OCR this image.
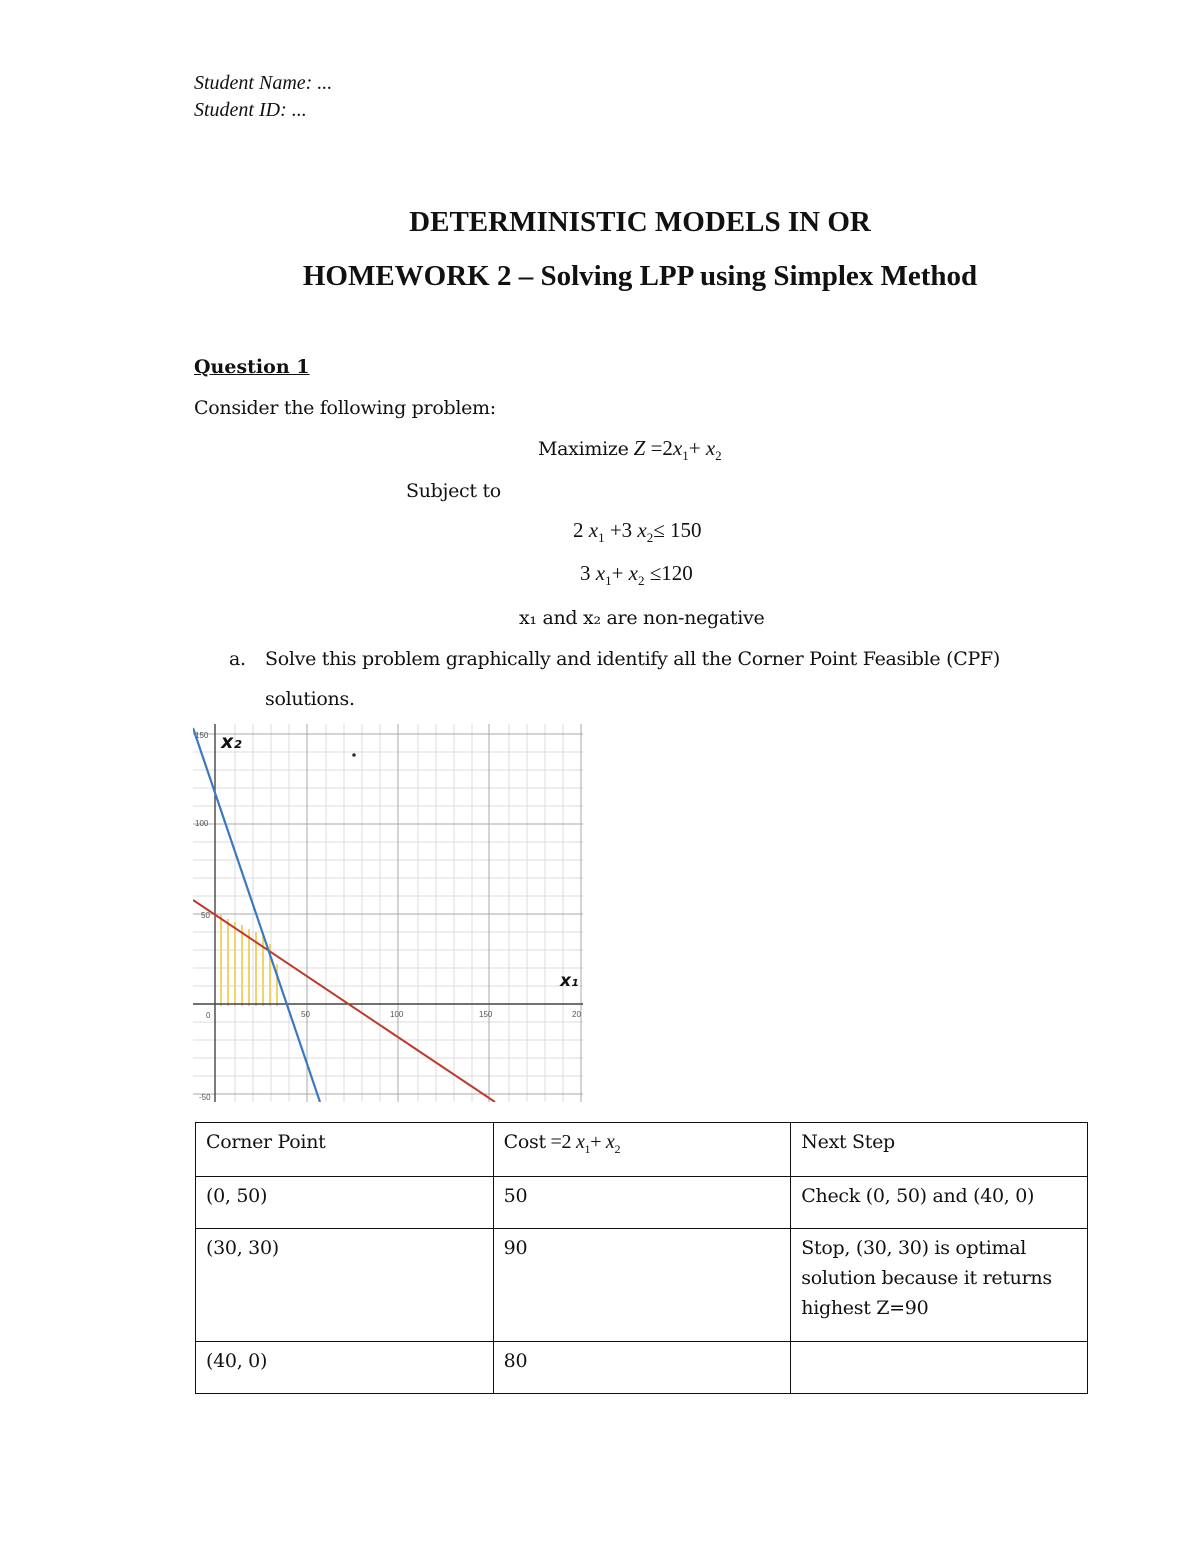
Student Name: ...
Student ID: ...
DETERMINISTIC MODELS IN OR
HOMEWORK 2 – Solving LPP using Simplex Method
Question 1
Consider the following problem:
Maximize $Z =2x_1+ x_2$
Subject to
2 $x_1 +3$ $x_2\le 150$
3 $x_1+ x_2 \le 120$
x₁ and x₂ are non-negative
a. Solve this problem graphically and identify all the Corner Point Feasible (CPF)
solutions.
150
100
50
0
-50
50	100	150	20
x₂
x₁
Corner Point	Cost =2 $x_1+ x_2$	Next Step
(0, 50)	50	Check (0, 50) and (40, 0)
(30, 30)	90	Stop, (30, 30) is optimal solution because it returns highest Z=90
(40, 0)	80	
